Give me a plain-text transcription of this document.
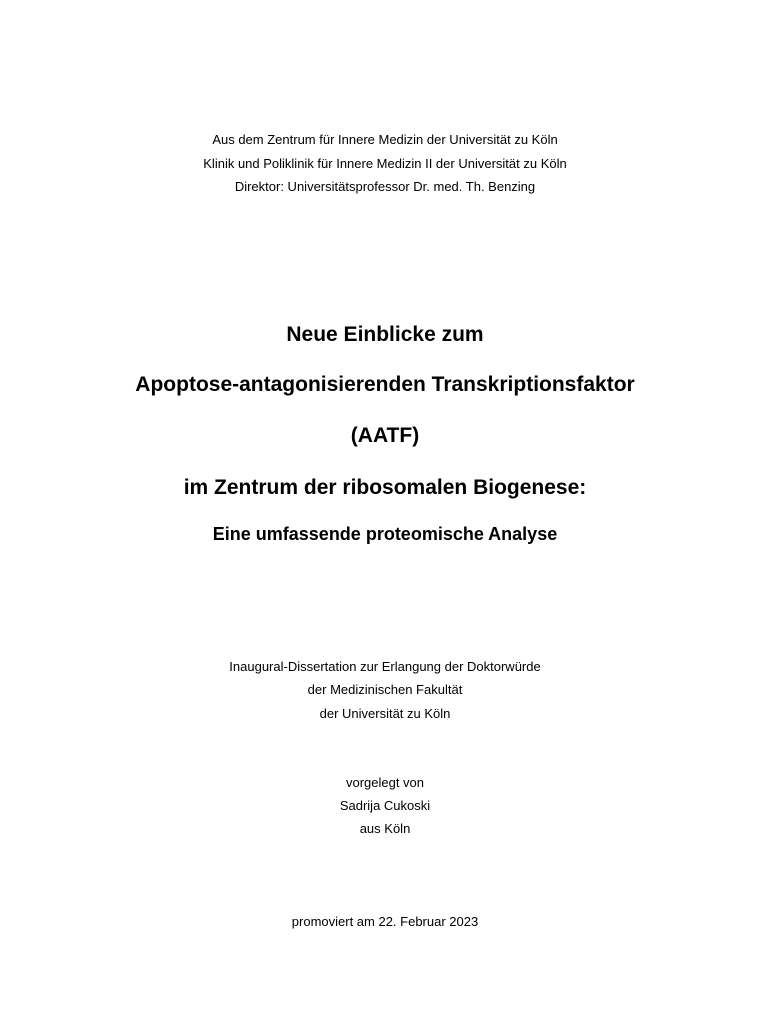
Aus dem Zentrum für Innere Medizin der Universität zu Köln
Klinik und Poliklinik für Innere Medizin II der Universität zu Köln
Direktor: Universitätsprofessor Dr. med. Th. Benzing
Neue Einblicke zum
Apoptose-antagonisierenden Transkriptionsfaktor
(AATF)
im Zentrum der ribosomalen Biogenese:
Eine umfassende proteomische Analyse
Inaugural-Dissertation zur Erlangung der Doktorwürde
der Medizinischen Fakultät
der Universität zu Köln
vorgelegt von
Sadrija Cukoski
aus Köln
promoviert am 22. Februar 2023
